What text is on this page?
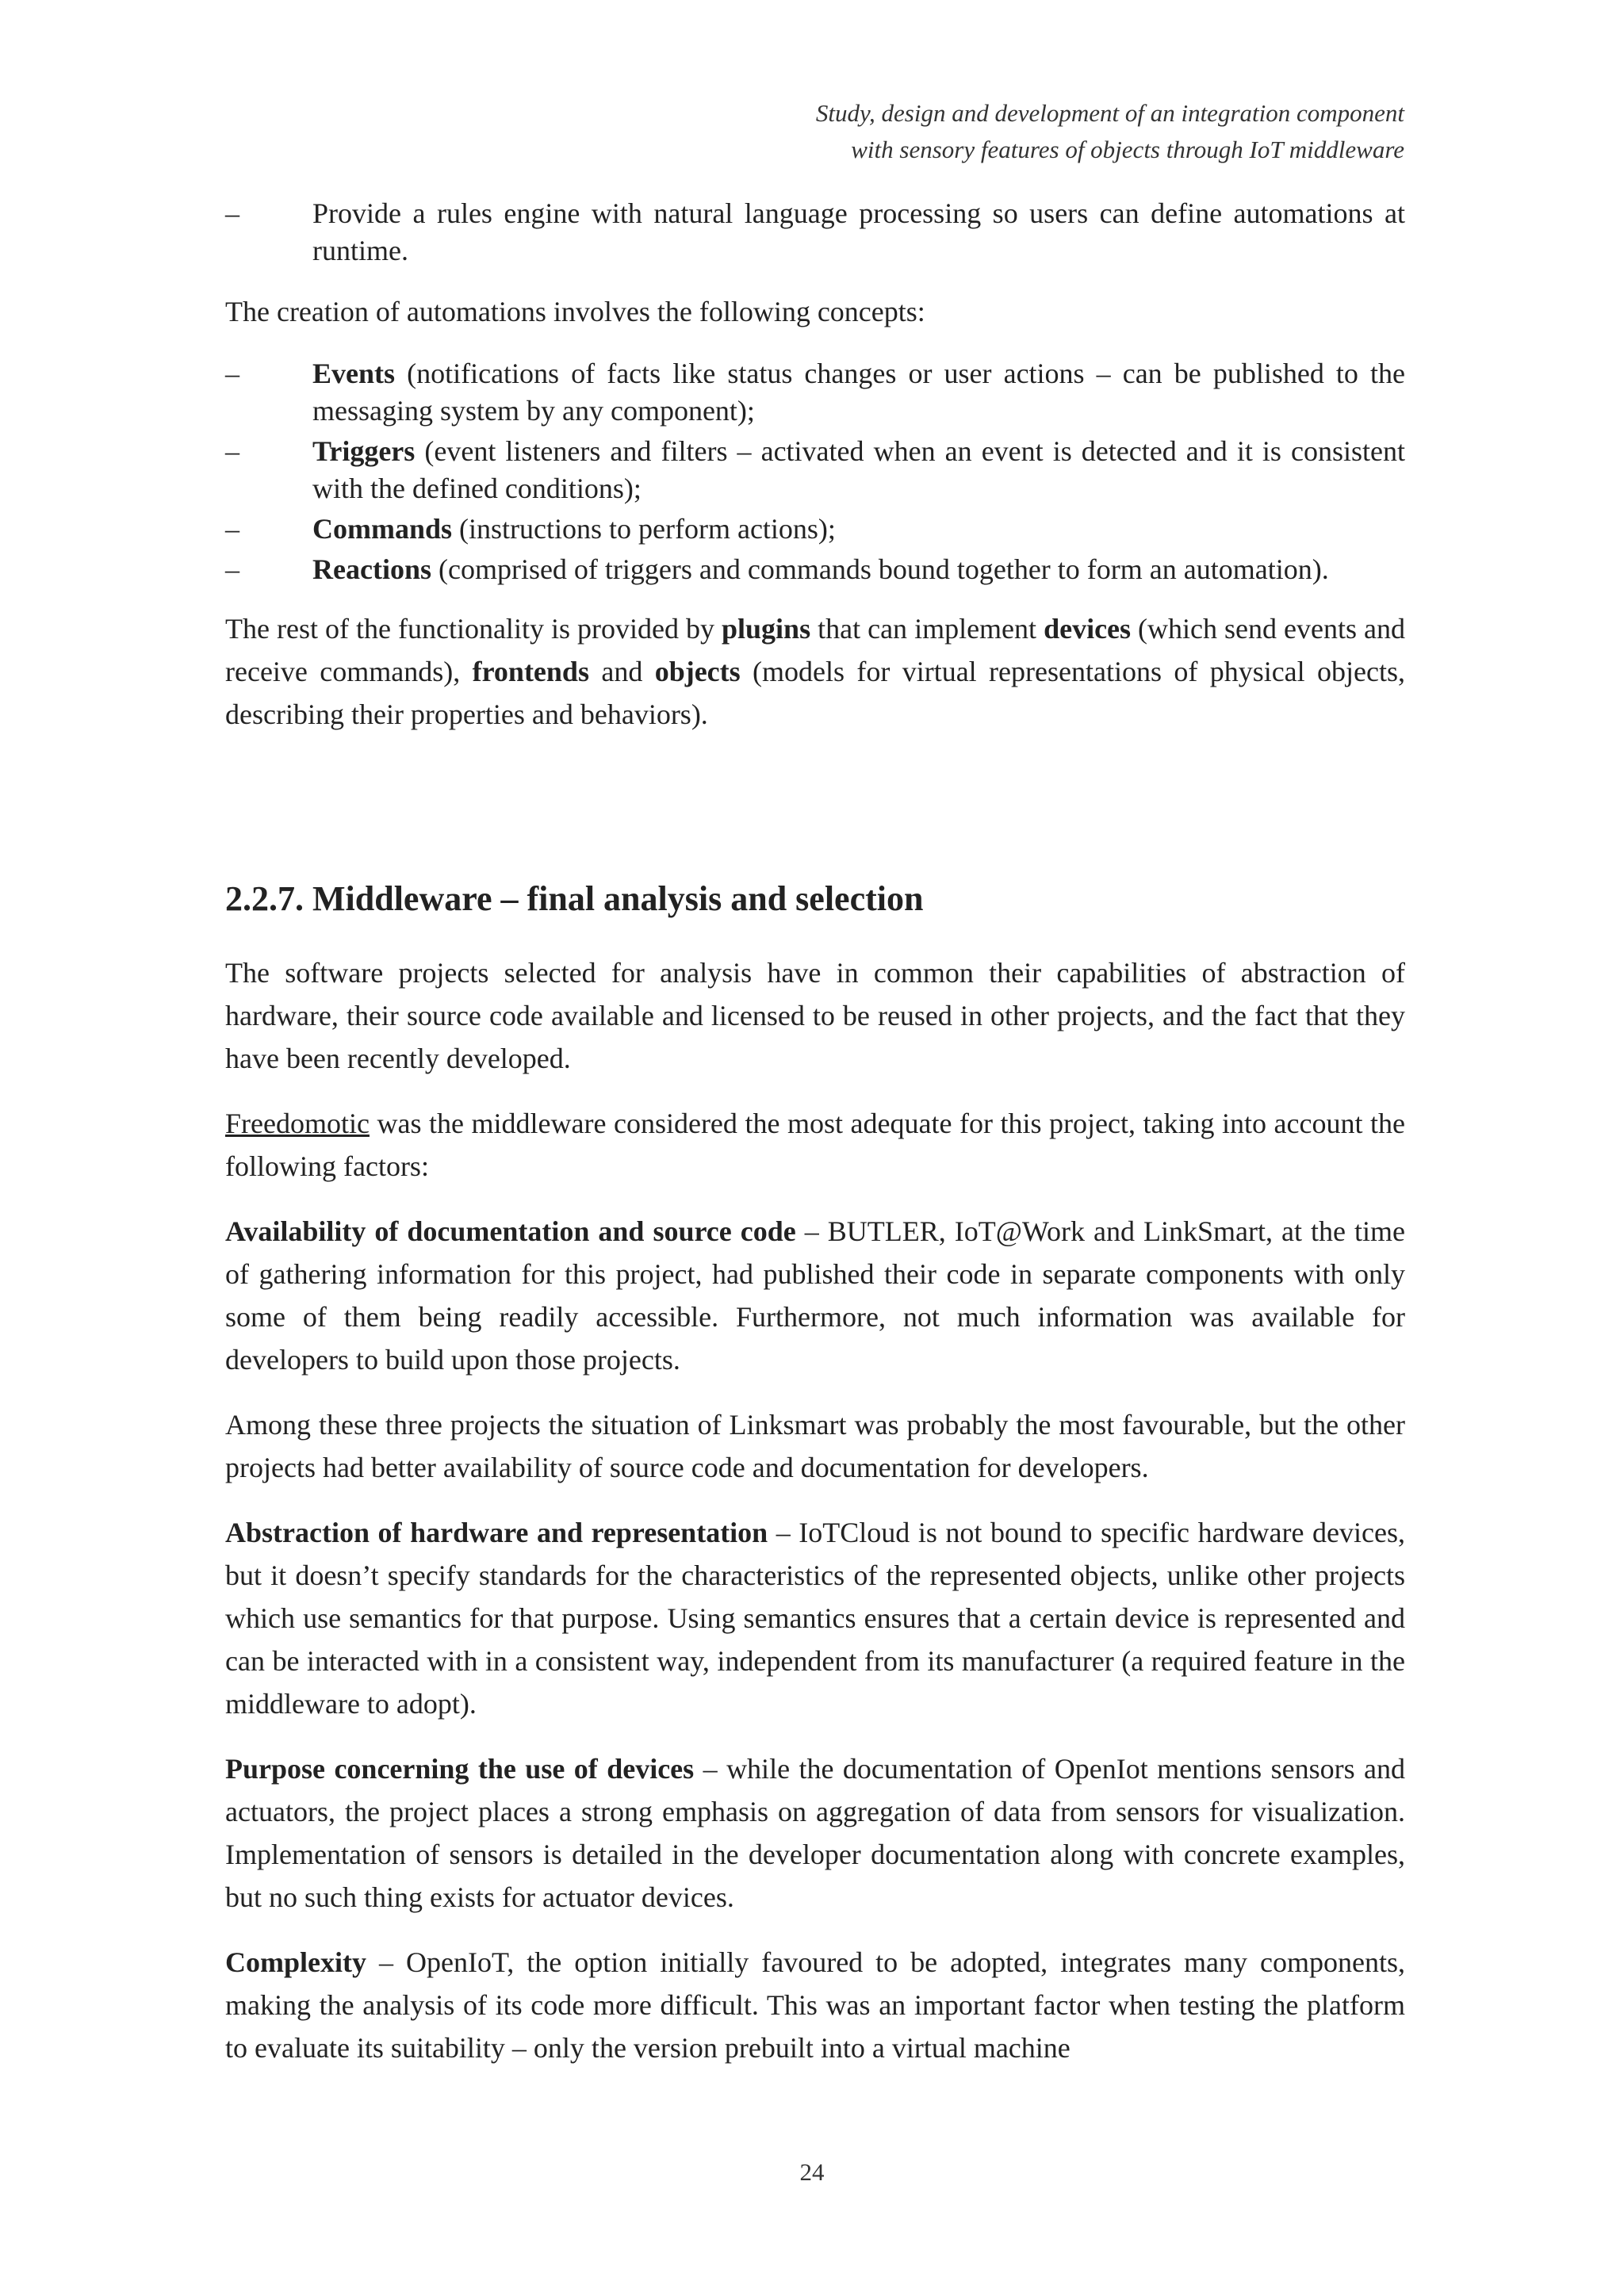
Study, design and development of an integration component
with sensory features of objects through IoT middleware
–	Provide a rules engine with natural language processing so users can define automations at runtime.

The creation of automations involves the following concepts:

–	Events (notifications of facts like status changes or user actions – can be published to the messaging system by any component);
–	Triggers (event listeners and filters – activated when an event is detected and it is consistent with the defined conditions);
–	Commands (instructions to perform actions);
–	Reactions (comprised of triggers and commands bound together to form an automation).

The rest of the functionality is provided by plugins that can implement devices (which send events and receive commands), frontends and objects (models for virtual representations of physical objects, describing their properties and behaviors).

2.2.7. Middleware – final analysis and selection

The software projects selected for analysis have in common their capabilities of abstraction of hardware, their source code available and licensed to be reused in other projects, and the fact that they have been recently developed.

Freedomotic was the middleware considered the most adequate for this project, taking into account the following factors:

Availability of documentation and source code – BUTLER, IoT@Work and LinkSmart, at the time of gathering information for this project, had published their code in separate components with only some of them being readily accessible. Furthermore, not much information was available for developers to build upon those projects.

Among these three projects the situation of Linksmart was probably the most favourable, but the other projects had better availability of source code and documentation for developers.

Abstraction of hardware and representation – IoTCloud is not bound to specific hardware devices, but it doesn’t specify standards for the characteristics of the represented objects, unlike other projects which use semantics for that purpose. Using semantics ensures that a certain device is represented and can be interacted with in a consistent way, independent from its manufacturer (a required feature in the middleware to adopt).

Purpose concerning the use of devices – while the documentation of OpenIot mentions sensors and actuators, the project places a strong emphasis on aggregation of data from sensors for visualization. Implementation of sensors is detailed in the developer documentation along with concrete examples, but no such thing exists for actuator devices.

Complexity – OpenIoT, the option initially favoured to be adopted, integrates many components, making the analysis of its code more difficult. This was an important factor when testing the platform to evaluate its suitability – only the version prebuilt into a virtual machine

24
